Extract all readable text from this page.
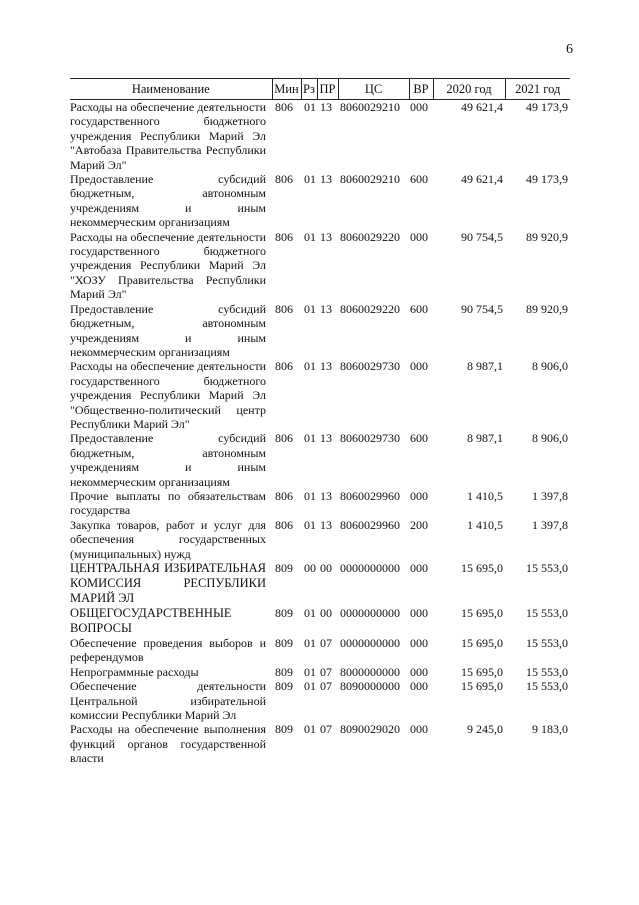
6
Наименование	Мин	Рз	ПР	ЦС	ВР	2020 год	2021 год
Расходы на обеспечение деятельности государственного бюджетного учреждения Республики Марий Эл "Автобаза Правительства Республики Марий Эл"	806	01	13	8060029210	000	49 621,4	49 173,9
Предоставление субсидий бюджетным, автономным учреждениям и иным некоммерческим организациям	806	01	13	8060029210	600	49 621,4	49 173,9
Расходы на обеспечение деятельности государственного бюджетного учреждения Республики Марий Эл "ХОЗУ Правительства Республики Марий Эл"	806	01	13	8060029220	000	90 754,5	89 920,9
Предоставление субсидий бюджетным, автономным учреждениям и иным некоммерческим организациям	806	01	13	8060029220	600	90 754,5	89 920,9
Расходы на обеспечение деятельности государственного бюджетного учреждения Республики Марий Эл "Общественно-политический центр Республики Марий Эл"	806	01	13	8060029730	000	8 987,1	8 906,0
Предоставление субсидий бюджетным, автономным учреждениям и иным некоммерческим организациям	806	01	13	8060029730	600	8 987,1	8 906,0
Прочие выплаты по обязательствам государства	806	01	13	8060029960	000	1 410,5	1 397,8
Закупка товаров, работ и услуг для обеспечения государственных (муниципальных) нужд	806	01	13	8060029960	200	1 410,5	1 397,8
ЦЕНТРАЛЬНАЯ ИЗБИРАТЕЛЬНАЯ КОМИССИЯ РЕСПУБЛИКИ МАРИЙ ЭЛ	809	00	00	0000000000	000	15 695,0	15 553,0
ОБЩЕГОСУДАРСТВЕННЫЕ ВОПРОСЫ	809	01	00	0000000000	000	15 695,0	15 553,0
Обеспечение проведения выборов и референдумов	809	01	07	0000000000	000	15 695,0	15 553,0
Непрограммные расходы	809	01	07	8000000000	000	15 695,0	15 553,0
Обеспечение деятельности Центральной избирательной комиссии Республики Марий Эл	809	01	07	8090000000	000	15 695,0	15 553,0
Расходы на обеспечение выполнения функций органов государственной власти	809	01	07	8090029020	000	9 245,0	9 183,0
